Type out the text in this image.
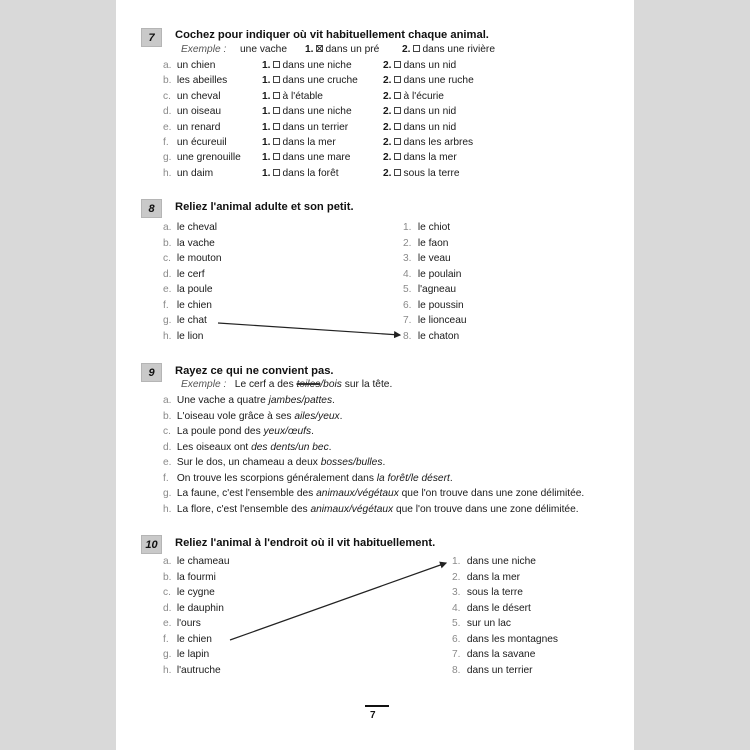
7	Cochez pour indiquer où vit habituellement chaque animal.
Exemple : une vache 1. dans un pré 2. dans une rivière
a. un chien	1. dans une niche	2. dans un nid
b. les abeilles	1. dans une cruche 2. dans une ruche
c. un cheval	1. à l'étable	2. à l'écurie
d. un oiseau	1. dans une niche	2. dans un nid
e. un renard	1. dans un terrier	2. dans un nid
f. un écureuil	1. dans la mer	2. dans les arbres
g. une grenouille 1. dans une mare	2. dans la mer
h. un daim	1. dans la forêt	2. sous la terre
8	Reliez l'animal adulte et son petit.
a. le cheval	1. le chiot
b. la vache	2. le faon
c. le mouton	3. le veau
d. le cerf	4. le poulain
e. la poule	5. l'agneau
f. le chien	6. le poussin
g. le chat	7. le lionceau
h. le lion	8. le chaton
9	Rayez ce qui ne convient pas.
Exemple : Le cerf a des toiles/bois sur la tête.
a. Une vache a quatre jambes/pattes.
b. L'oiseau vole grâce à ses ailes/yeux.
c. La poule pond des yeux/œufs.
d. Les oiseaux ont des dents/un bec.
e. Sur le dos, un chameau a deux bosses/bulles.
f. On trouve les scorpions généralement dans la forêt/le désert.
g. La faune, c'est l'ensemble des animaux/végétaux que l'on trouve dans une zone délimitée.
h. La flore, c'est l'ensemble des animaux/végétaux que l'on trouve dans une zone délimitée.
10	Reliez l'animal à l'endroit où il vit habituellement.
a. le chameau	1. dans une niche
b. la fourmi	2. dans la mer
c. le cygne	3. sous la terre
d. le dauphin	4. dans le désert
e. l'ours	5. sur un lac
f. le chien	6. dans les montagnes
g. le lapin	7. dans la savane
h. l'autruche	8. dans un terrier
7
